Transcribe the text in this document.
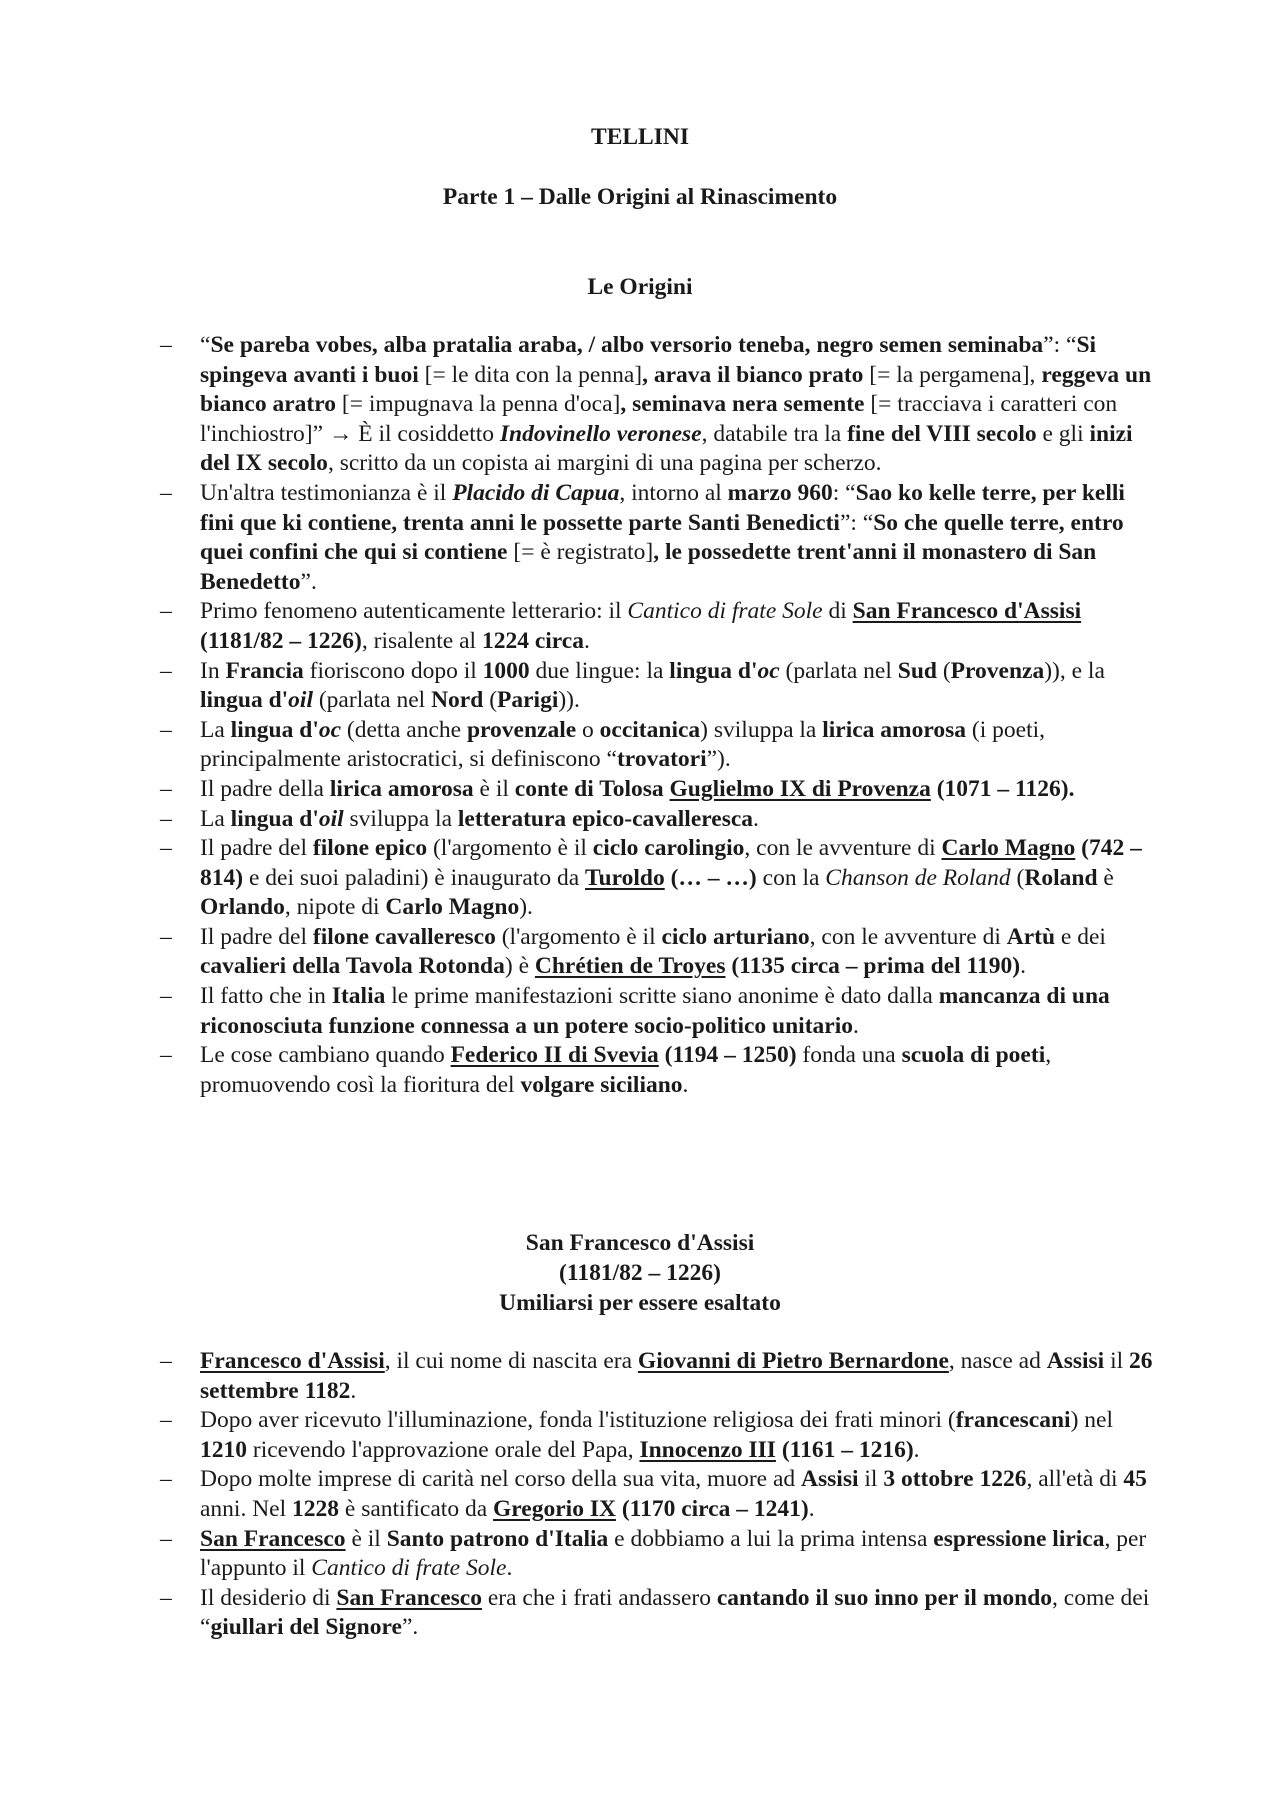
TELLINI

Parte 1 – Dalle Origini al Rinascimento

Le Origini

– “Se pareba vobes, alba pratalia araba, / albo versorio teneba, negro semen seminaba”: “Si spingeva avanti i buoi [= le dita con la penna], arava il bianco prato [= la pergamena], reggeva un bianco aratro [= impugnava la penna d'oca], seminava nera semente [= tracciava i caratteri con l'inchiostro]” → È il cosiddetto Indovinello veronese, databile tra la fine del VIII secolo e gli inizi del IX secolo, scritto da un copista ai margini di una pagina per scherzo.
– Un'altra testimonianza è il Placido di Capua, intorno al marzo 960: “Sao ko kelle terre, per kelli fini que ki contiene, trenta anni le possette parte Santi Benedicti”: “So che quelle terre, entro quei confini che qui si contiene [= è registrato], le possedette trent'anni il monastero di San Benedetto”.
– Primo fenomeno autenticamente letterario: il Cantico di frate Sole di San Francesco d'Assisi (1181/82 – 1226), risalente al 1224 circa.
– In Francia fioriscono dopo il 1000 due lingue: la lingua d'oc (parlata nel Sud (Provenza)), e la lingua d'oil (parlata nel Nord (Parigi)).
– La lingua d'oc (detta anche provenzale o occitanica) sviluppa la lirica amorosa (i poeti, principalmente aristocratici, si definiscono “trovatori”).
– Il padre della lirica amorosa è il conte di Tolosa Guglielmo IX di Provenza (1071 – 1126).
– La lingua d'oil sviluppa la letteratura epico-cavalleresca.
– Il padre del filone epico (l'argomento è il ciclo carolingio, con le avventure di Carlo Magno (742 – 814) e dei suoi paladini) è inaugurato da Turoldo (… – …) con la Chanson de Roland (Roland è Orlando, nipote di Carlo Magno).
– Il padre del filone cavalleresco (l'argomento è il ciclo arturiano, con le avventure di Artù e dei cavalieri della Tavola Rotonda) è Chrétien de Troyes (1135 circa – prima del 1190).
– Il fatto che in Italia le prime manifestazioni scritte siano anonime è dato dalla mancanza di una riconosciuta funzione connessa a un potere socio-politico unitario.
– Le cose cambiano quando Federico II di Svevia (1194 – 1250) fonda una scuola di poeti, promuovendo così la fioritura del volgare siciliano.

San Francesco d'Assisi

(1181/82 – 1226)

Umiliarsi per essere esaltato

– Francesco d'Assisi, il cui nome di nascita era Giovanni di Pietro Bernardone, nasce ad Assisi il 26 settembre 1182.
– Dopo aver ricevuto l'illuminazione, fonda l'istituzione religiosa dei frati minori (francescani) nel 1210 ricevendo l'approvazione orale del Papa, Innocenzo III (1161 – 1216).
– Dopo molte imprese di carità nel corso della sua vita, muore ad Assisi il 3 ottobre 1226, all'età di 45 anni. Nel 1228 è santificato da Gregorio IX (1170 circa – 1241).
– San Francesco è il Santo patrono d'Italia e dobbiamo a lui la prima intensa espressione lirica, per l'appunto il Cantico di frate Sole.
– Il desiderio di San Francesco era che i frati andassero cantando il suo inno per il mondo, come dei “giullari del Signore”.
